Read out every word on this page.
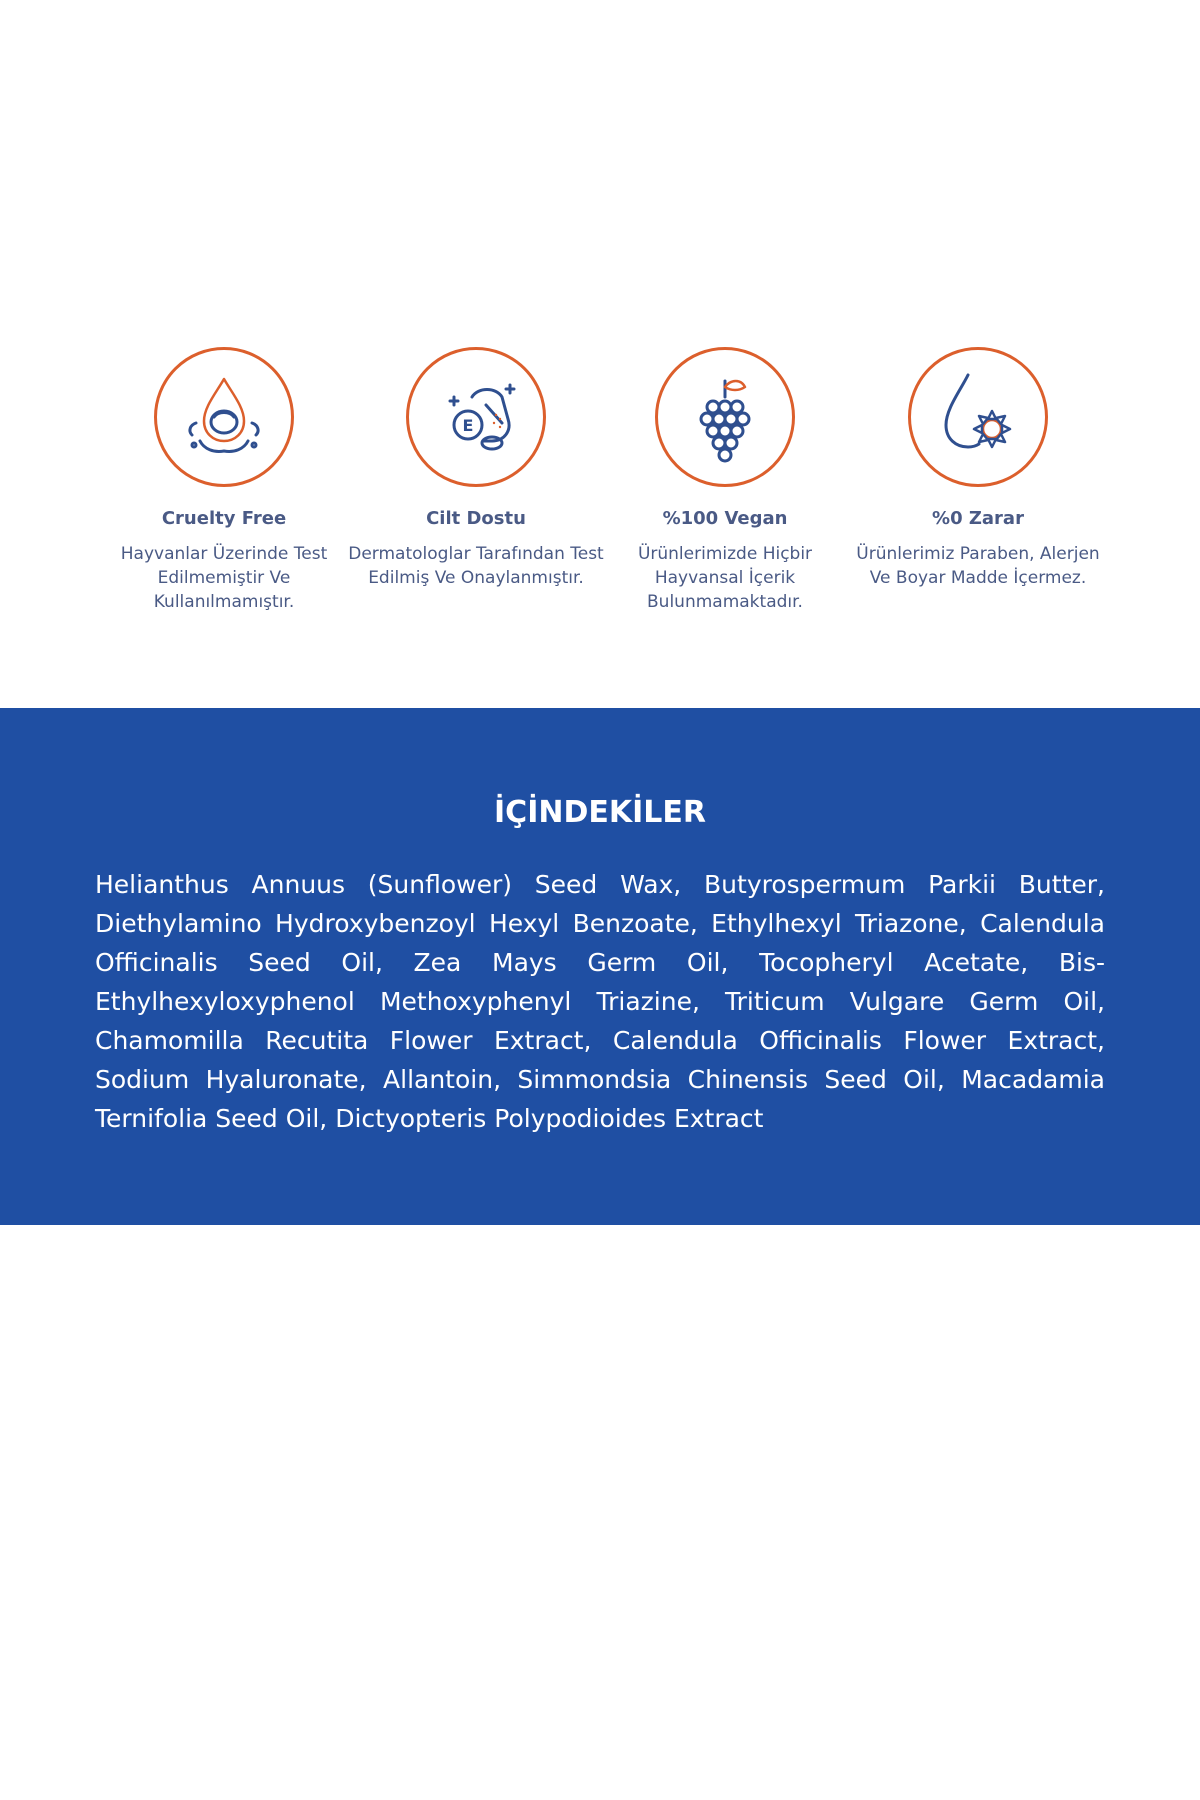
Cruelty Free
Hayvanlar Üzerinde Test Edilmemiştir Ve Kullanılmamıştır.
E
Cilt Dostu
Dermatologlar Tarafından Test Edilmiş Ve Onaylanmıştır.
%100 Vegan
Ürünlerimizde Hiçbir Hayvansal İçerik Bulunmamaktadır.
%0 Zarar
Ürünlerimiz Paraben, Alerjen Ve Boyar Madde İçermez.
İÇİNDEKİLER

Helianthus Annuus (Sunflower) Seed Wax, Butyrospermum Parkii Butter, Diethylamino Hydroxybenzoyl Hexyl Benzoate, Ethylhexyl Triazone, Calendula Officinalis Seed Oil, Zea Mays Germ Oil, Tocopheryl Acetate, Bis-Ethylhexyloxyphenol Methoxyphenyl Triazine, Triticum Vulgare Germ Oil, Chamomilla Recutita Flower Extract, Calendula Officinalis Flower Extract, Sodium Hyaluronate, Allantoin, Simmondsia Chinensis Seed Oil, Macadamia Ternifolia Seed Oil, Dictyopteris Polypodioides Extract
